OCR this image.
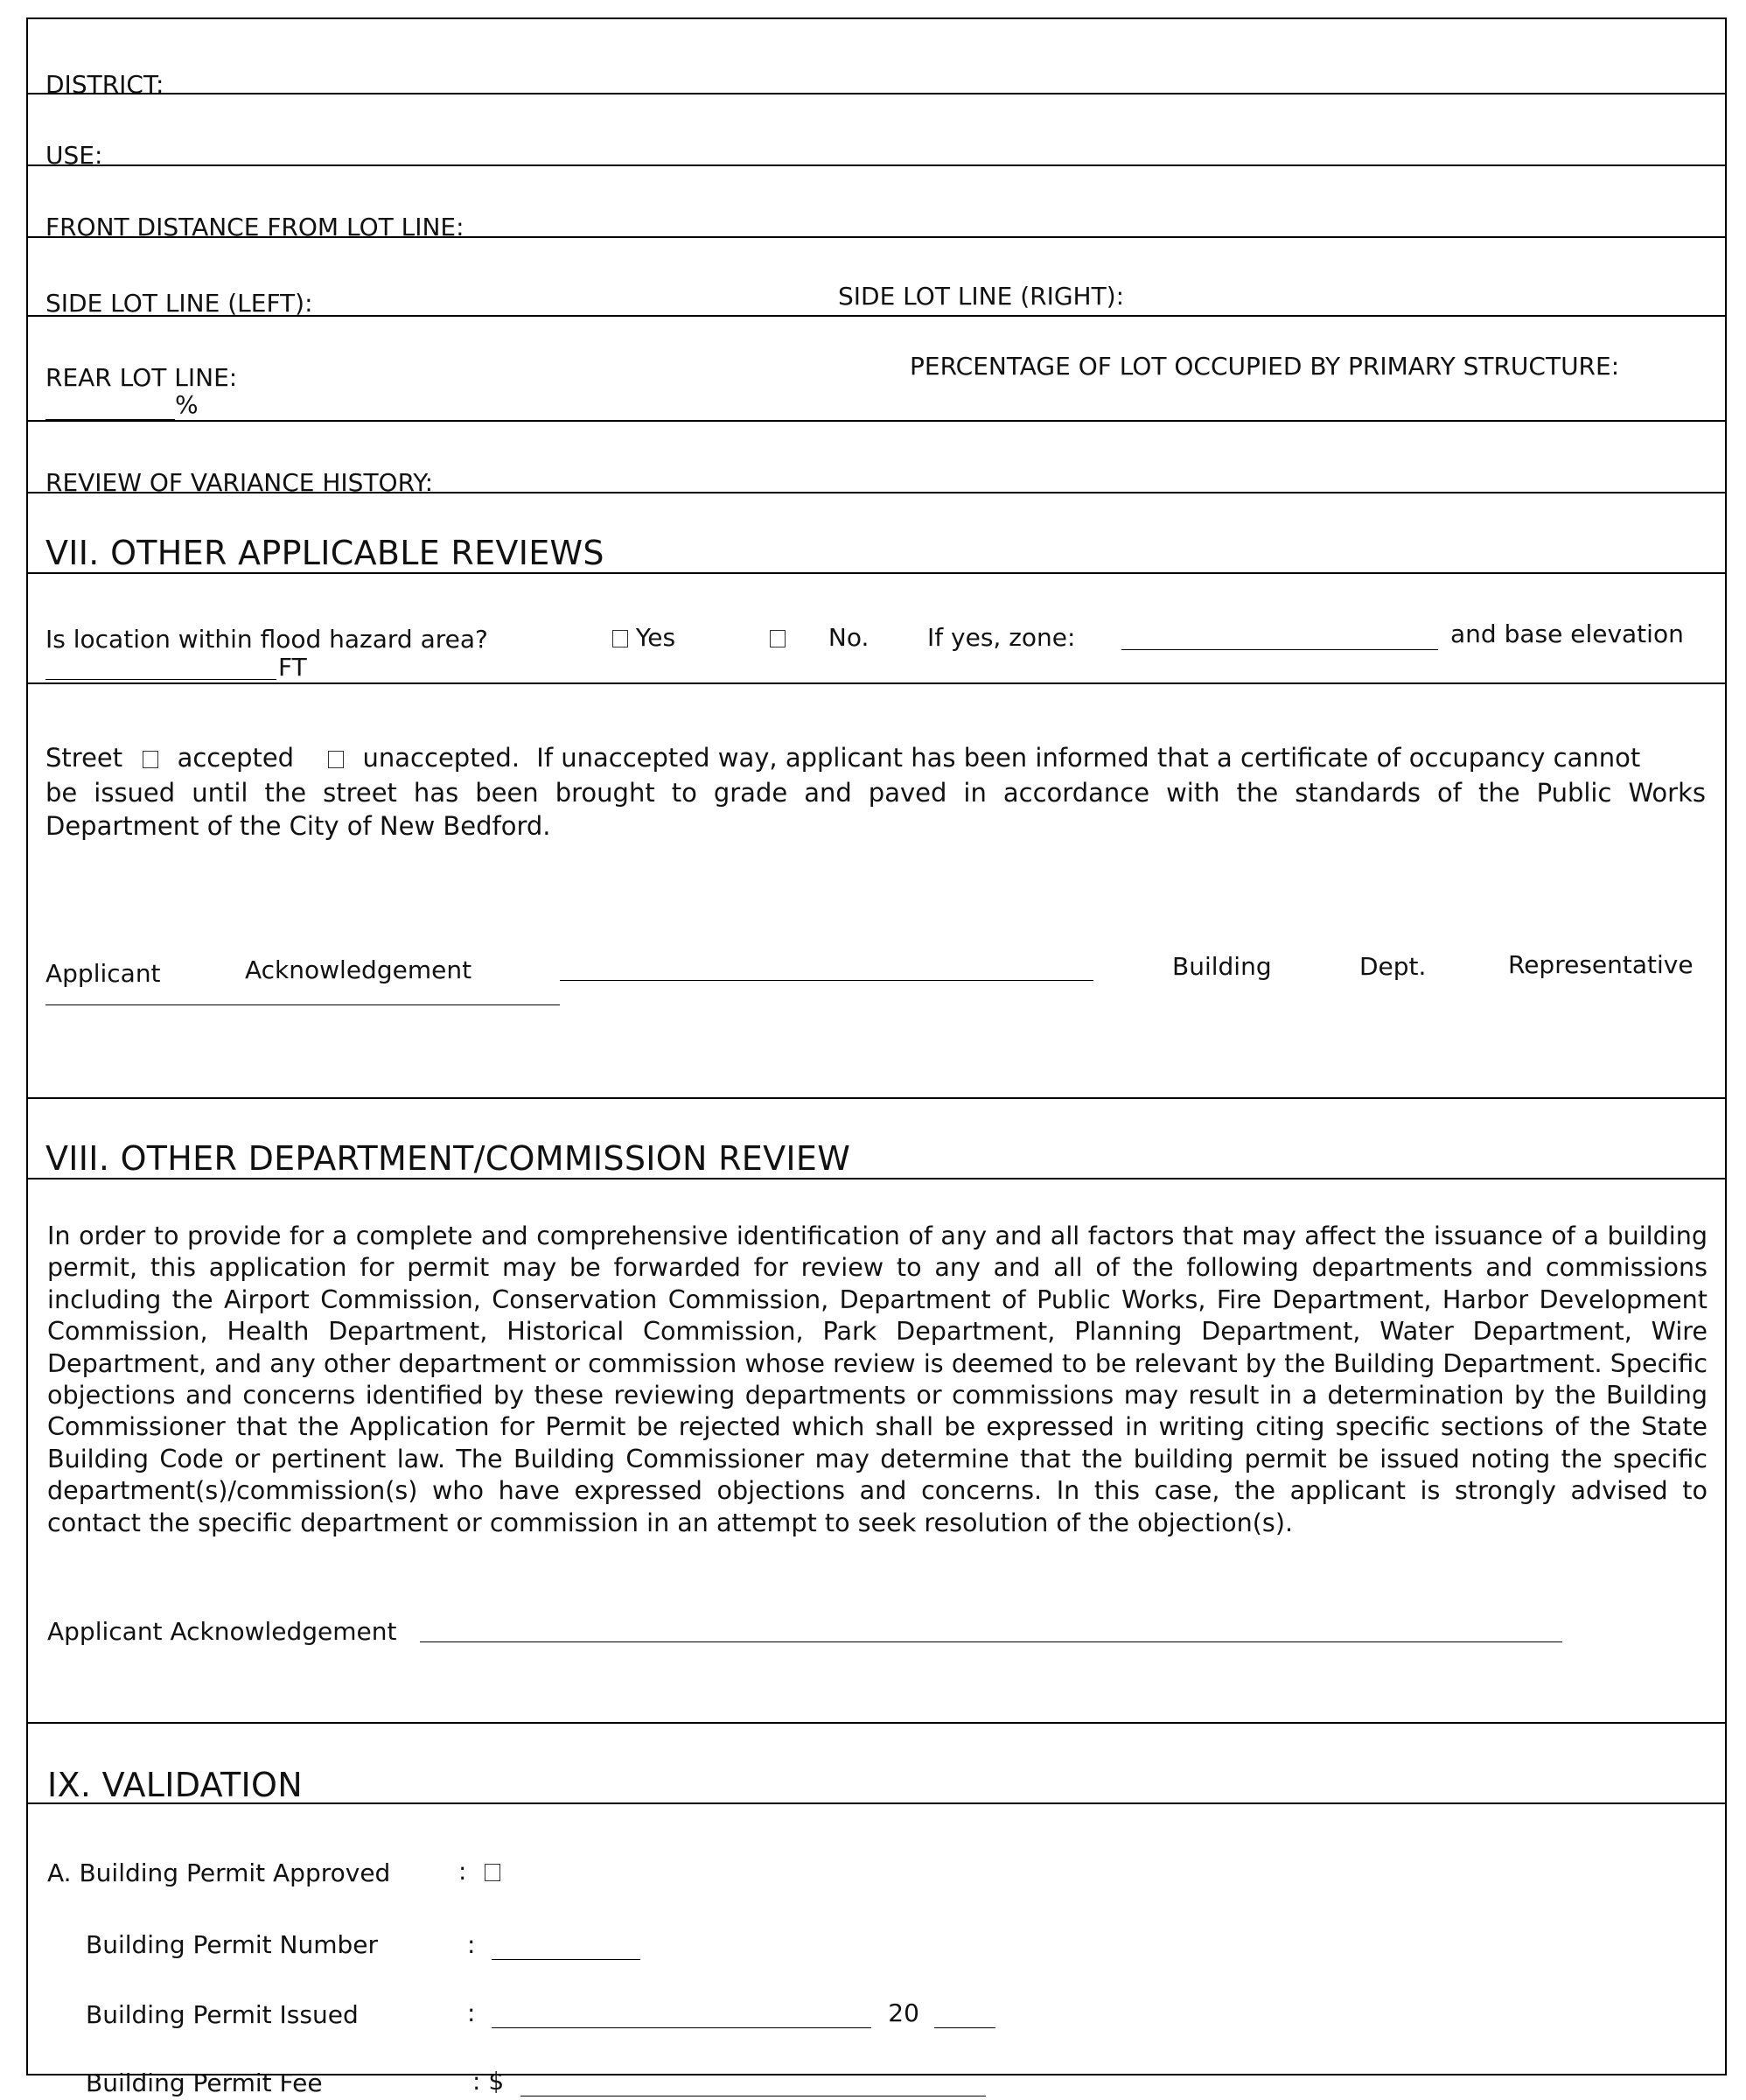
DISTRICT:
USE:
FRONT DISTANCE FROM LOT LINE:
SIDE LOT LINE (LEFT):	SIDE LOT LINE (RIGHT):
REAR LOT LINE:	PERCENTAGE OF LOT OCCUPIED BY PRIMARY STRUCTURE:
%
REVIEW OF VARIANCE HISTORY:
VII. OTHER APPLICABLE REVIEWS
Is location within flood hazard area?	Yes	No. If yes, zone:	and base elevation
FT
Street accepted	unaccepted. If unaccepted way, applicant has been informed that a certificate of occupancy cannot
be issued until the street has been brought to grade and paved in accordance with the standards of the Public Works
Department of the City of New Bedford.
Applicant	Acknowledgement	Building	Dept.	Representative
VIII. OTHER DEPARTMENT/COMMISSION REVIEW
In order to provide for a complete and comprehensive identification of any and all factors that may affect the issuance of a building permit, this application for permit may be forwarded for review to any and all of the following departments and commissions including the Airport Commission, Conservation Commission, Department of Public Works, Fire Department, Harbor Development Commission, Health Department, Historical Commission, Park Department, Planning Department, Water Department, Wire Department, and any other department or commission whose review is deemed to be relevant by the Building Department. Specific objections and concerns identified by these reviewing departments or commissions may result in a determination by the Building Commissioner that the Application for Permit be rejected which shall be expressed in writing citing specific sections of the State Building Code or pertinent law. The Building Commissioner may determine that the building permit be issued noting the specific department(s)/commission(s) who have expressed objections and concerns. In this case, the applicant is strongly advised to contact the specific department or commission in an attempt to seek resolution of the objection(s).
Applicant Acknowledgement
IX. VALIDATION
A. Building Permit Approved	:
Building Permit Number	:
Building Permit Issued	:	20
Building Permit Fee	: $
